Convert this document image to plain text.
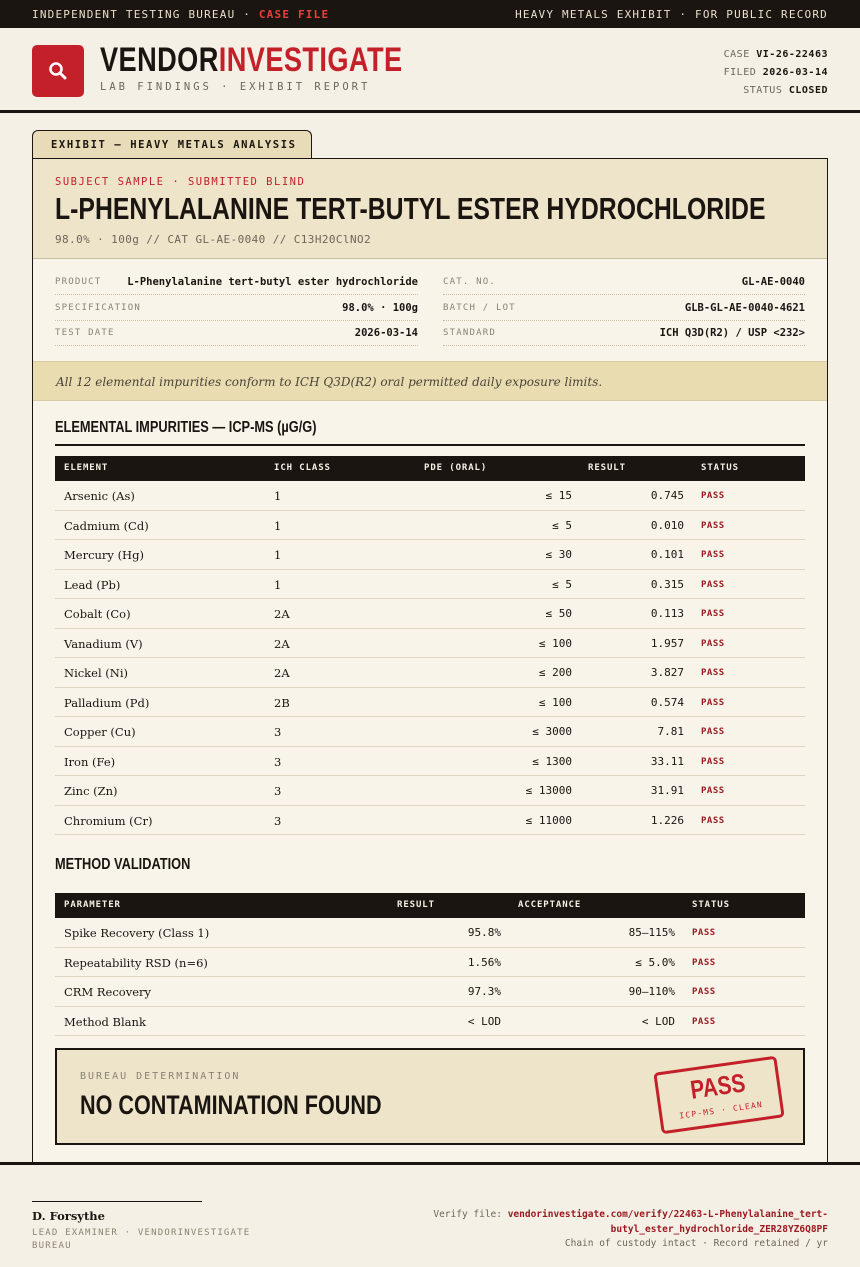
INDEPENDENT TESTING BUREAU · CASE FILE	HEAVY METALS EXHIBIT · FOR PUBLIC RECORD
VENDORINVESTIGATE
LAB FINDINGS · EXHIBIT REPORT
CASE VI-26-22463
FILED 2026-03-14
STATUS CLOSED
EXHIBIT — HEAVY METALS ANALYSIS
SUBJECT SAMPLE · SUBMITTED BLIND
L-PHENYLALANINE TERT-BUTYL ESTER HYDROCHLORIDE
98.0% · 100g // CAT GL-AE-0040 // C13H20ClNO2
PRODUCT L-Phenylalanine tert-butyl ester hydrochloride
SPECIFICATION	98.0% · 100g
TEST DATE	2026-03-14
CAT. NO.	GL-AE-0040
BATCH / LOT	GLB-GL-AE-0040-4621
STANDARD	ICH Q3D(R2) / USP <232>
All 12 elemental impurities conform to ICH Q3D(R2) oral permitted daily exposure limits.
ELEMENTAL IMPURITIES — ICP-MS (µG/G)
ELEMENT	ICH CLASS	PDE (ORAL)	RESULT	STATUS
Arsenic (As)	1	≤ 15	0.745 PASS
Cadmium (Cd)	1	≤ 5	0.010 PASS
Mercury (Hg)	1	≤ 30	0.101 PASS
Lead (Pb)	1	≤ 5	0.315 PASS
Cobalt (Co)	2A	≤ 50	0.113 PASS
Vanadium (V)	2A	≤ 100	1.957 PASS
Nickel (Ni)	2A	≤ 200	3.827 PASS
Palladium (Pd)	2B	≤ 100	0.574 PASS
Copper (Cu)	3	≤ 3000	7.81 PASS
Iron (Fe)	3	≤ 1300	33.11 PASS
Zinc (Zn)	3	≤ 13000	31.91 PASS
Chromium (Cr)	3	≤ 11000	1.226 PASS
METHOD VALIDATION
PARAMETER	RESULT	ACCEPTANCE	STATUS
Spike Recovery (Class 1)	95.8%	85–115% PASS
Repeatability RSD (n=6)	1.56%	≤ 5.0% PASS
CRM Recovery	97.3%	90–110% PASS
Method Blank	< LOD	< LOD PASS
BUREAU DETERMINATION
NO CONTAMINATION FOUND
PASS
ICP-MS · CLEAN
D. Forsythe
LEAD EXAMINER · VENDORINVESTIGATE BUREAU
Verify file: vendorinvestigate.com/verify/22463-L-Phenylalanine_tert-butyl_ester_hydrochloride_ZER28YZ6Q8PF
Chain of custody intact · Record retained / yr
